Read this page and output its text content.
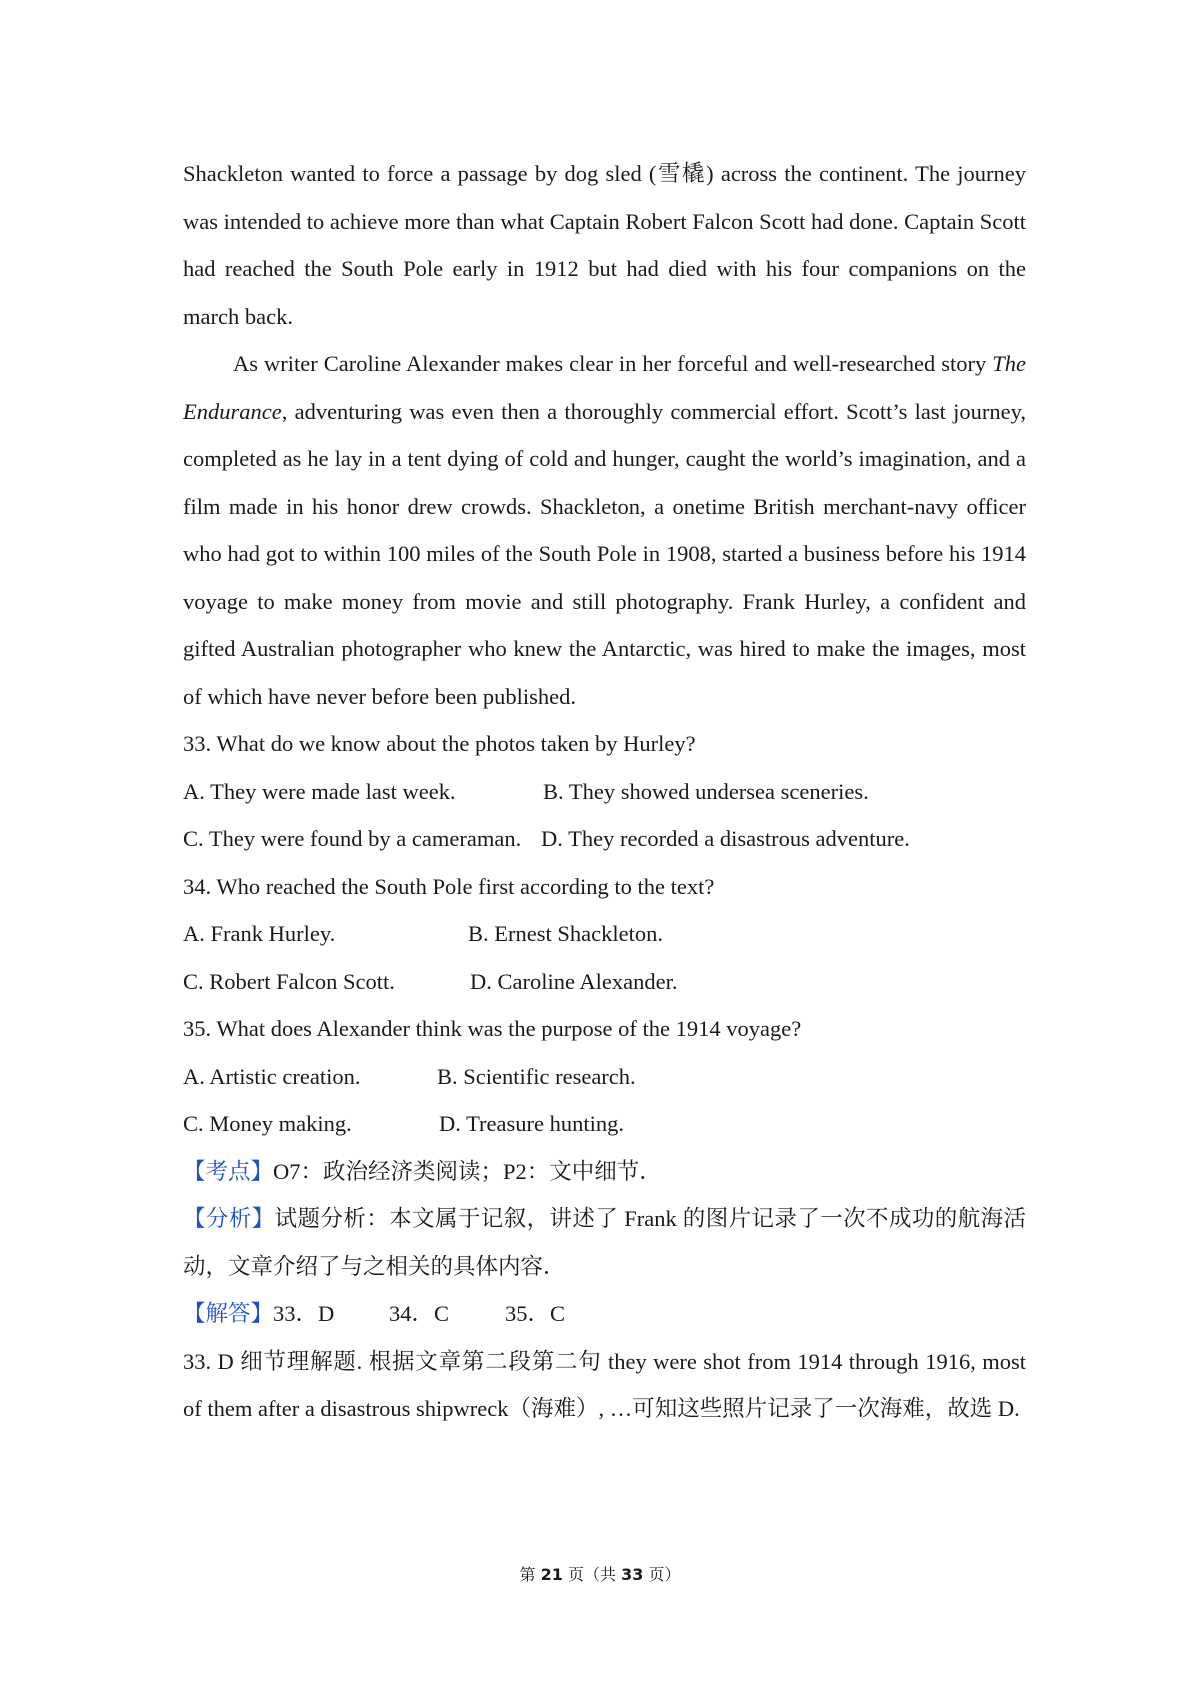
Shackleton wanted to force a passage by dog sled (雪橇) across the continent. The journey was intended to achieve more than what Captain Robert Falcon Scott had done. Captain Scott had reached the South Pole early in 1912 but had died with his four companions on the march back.

As writer Caroline Alexander makes clear in her forceful and well-researched story The Endurance, adventuring was even then a thoroughly commercial effort. Scott’s last journey, completed as he lay in a tent dying of cold and hunger, caught the world’s imagination, and a film made in his honor drew crowds. Shackleton, a onetime British merchant-navy officer who had got to within 100 miles of the South Pole in 1908, started a business before his 1914 voyage to make money from movie and still photography. Frank Hurley, a confident and gifted Australian photographer who knew the Antarctic, was hired to make the images, most of which have never before been published.

33. What do we know about the photos taken by Hurley?

A. They were made last week.	B. They showed undersea sceneries.
C. They were found by a cameraman. D. They recorded a disastrous adventure.

34. Who reached the South Pole first according to the text?

A. Frank Hurley.	B. Ernest Shackleton.
C. Robert Falcon Scott.	D. Caroline Alexander.

35. What does Alexander think was the purpose of the 1914 voyage?

A. Artistic creation.	B. Scientific research.
C. Money making.	D. Treasure hunting.

【考点】O7：政治经济类阅读；P2：文中细节．

【分析】试题分析：本文属于记叙，讲述了 Frank 的图片记录了一次不成功的航海活动，文章介绍了与之相关的具体内容．

【解答】 33．D	34．C	35．C

33. D 细节理解题. 根据文章第二段第二句 they were shot from 1914 through 1916, most of them after a disastrous shipwreck（海难）, …可知这些照片记录了一次海难，故选 D.

第 21 页（共 33 页）
